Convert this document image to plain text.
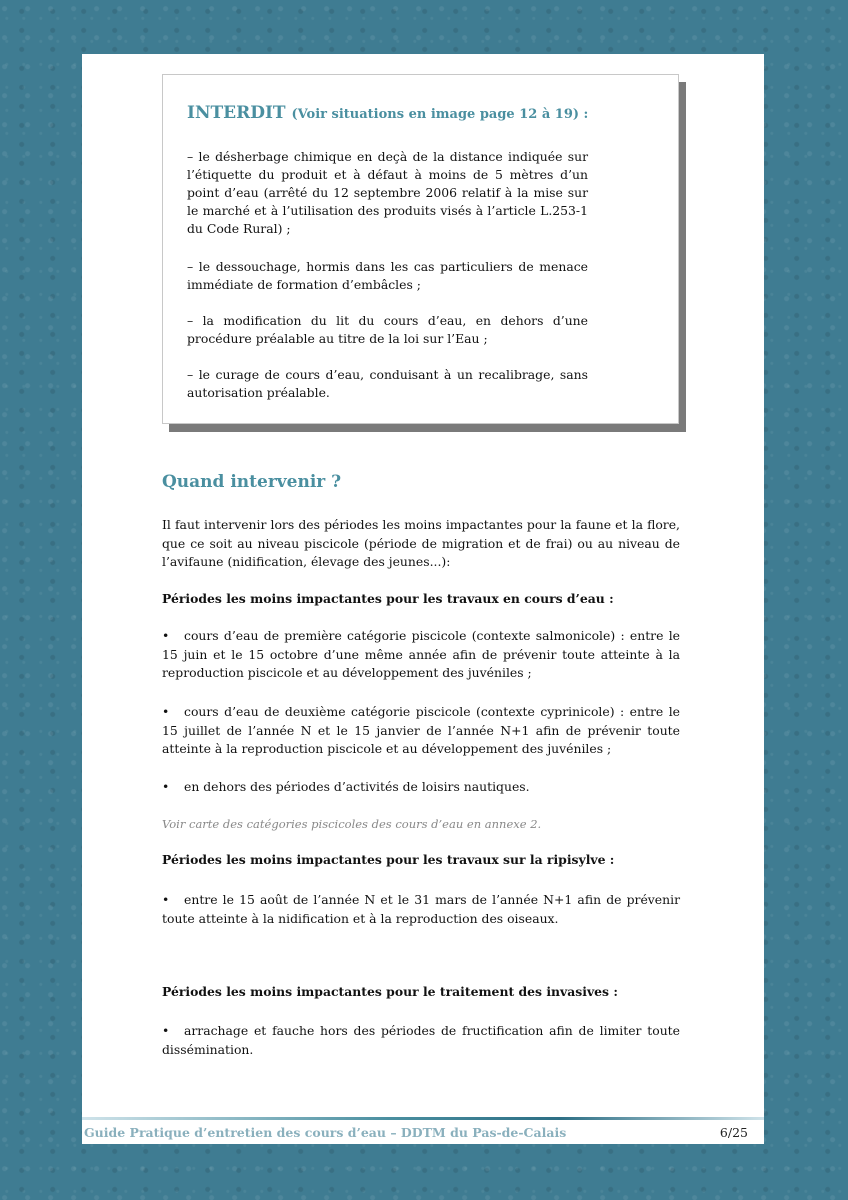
INTERDIT (Voir situations en image page 12 à 19) :
– le désherbage chimique en deçà de la distance indiquée sur l’étiquette du produit et à défaut à moins de 5 mètres d’un point d’eau (arrêté du 12 septembre 2006 relatif à la mise sur le marché et à l’utilisation des produits visés à l’article L.253-1 du Code Rural) ;
– le dessouchage, hormis dans les cas particuliers de menace immédiate de formation d’embâcles ;
– la modification du lit du cours d’eau, en dehors d’une procédure préalable au titre de la loi sur l’Eau ;
– le curage de cours d’eau, conduisant à un recalibrage, sans autorisation préalable.
Quand intervenir ?
Il faut intervenir lors des périodes les moins impactantes pour la faune et la flore, que ce soit au niveau piscicole (période de migration et de frai) ou au niveau de l’avifaune (nidification, élevage des jeunes...):
Périodes les moins impactantes pour les travaux en cours d’eau :
• cours d’eau de première catégorie piscicole (contexte salmonicole) : entre le 15 juin et le 15 octobre d’une même année afin de prévenir toute atteinte à la reproduction piscicole et au développement des juvéniles ;
• cours d’eau de deuxième catégorie piscicole (contexte cyprinicole) : entre le 15 juillet de l’année N et le 15 janvier de l’année N+1 afin de prévenir toute atteinte à la reproduction piscicole et au développement des juvéniles ;
• en dehors des périodes d’activités de loisirs nautiques.
Voir carte des catégories piscicoles des cours d’eau en annexe 2.
Périodes les moins impactantes pour les travaux sur la ripisylve :
• entre le 15 août de l’année N et le 31 mars de l’année N+1 afin de prévenir toute atteinte à la nidification et à la reproduction des oiseaux.
Périodes les moins impactantes pour le traitement des invasives :
• arrachage et fauche hors des périodes de fructification afin de limiter toute dissémination.
Guide Pratique d’entretien des cours d’eau – DDTM du Pas-de-Calais	6/25
